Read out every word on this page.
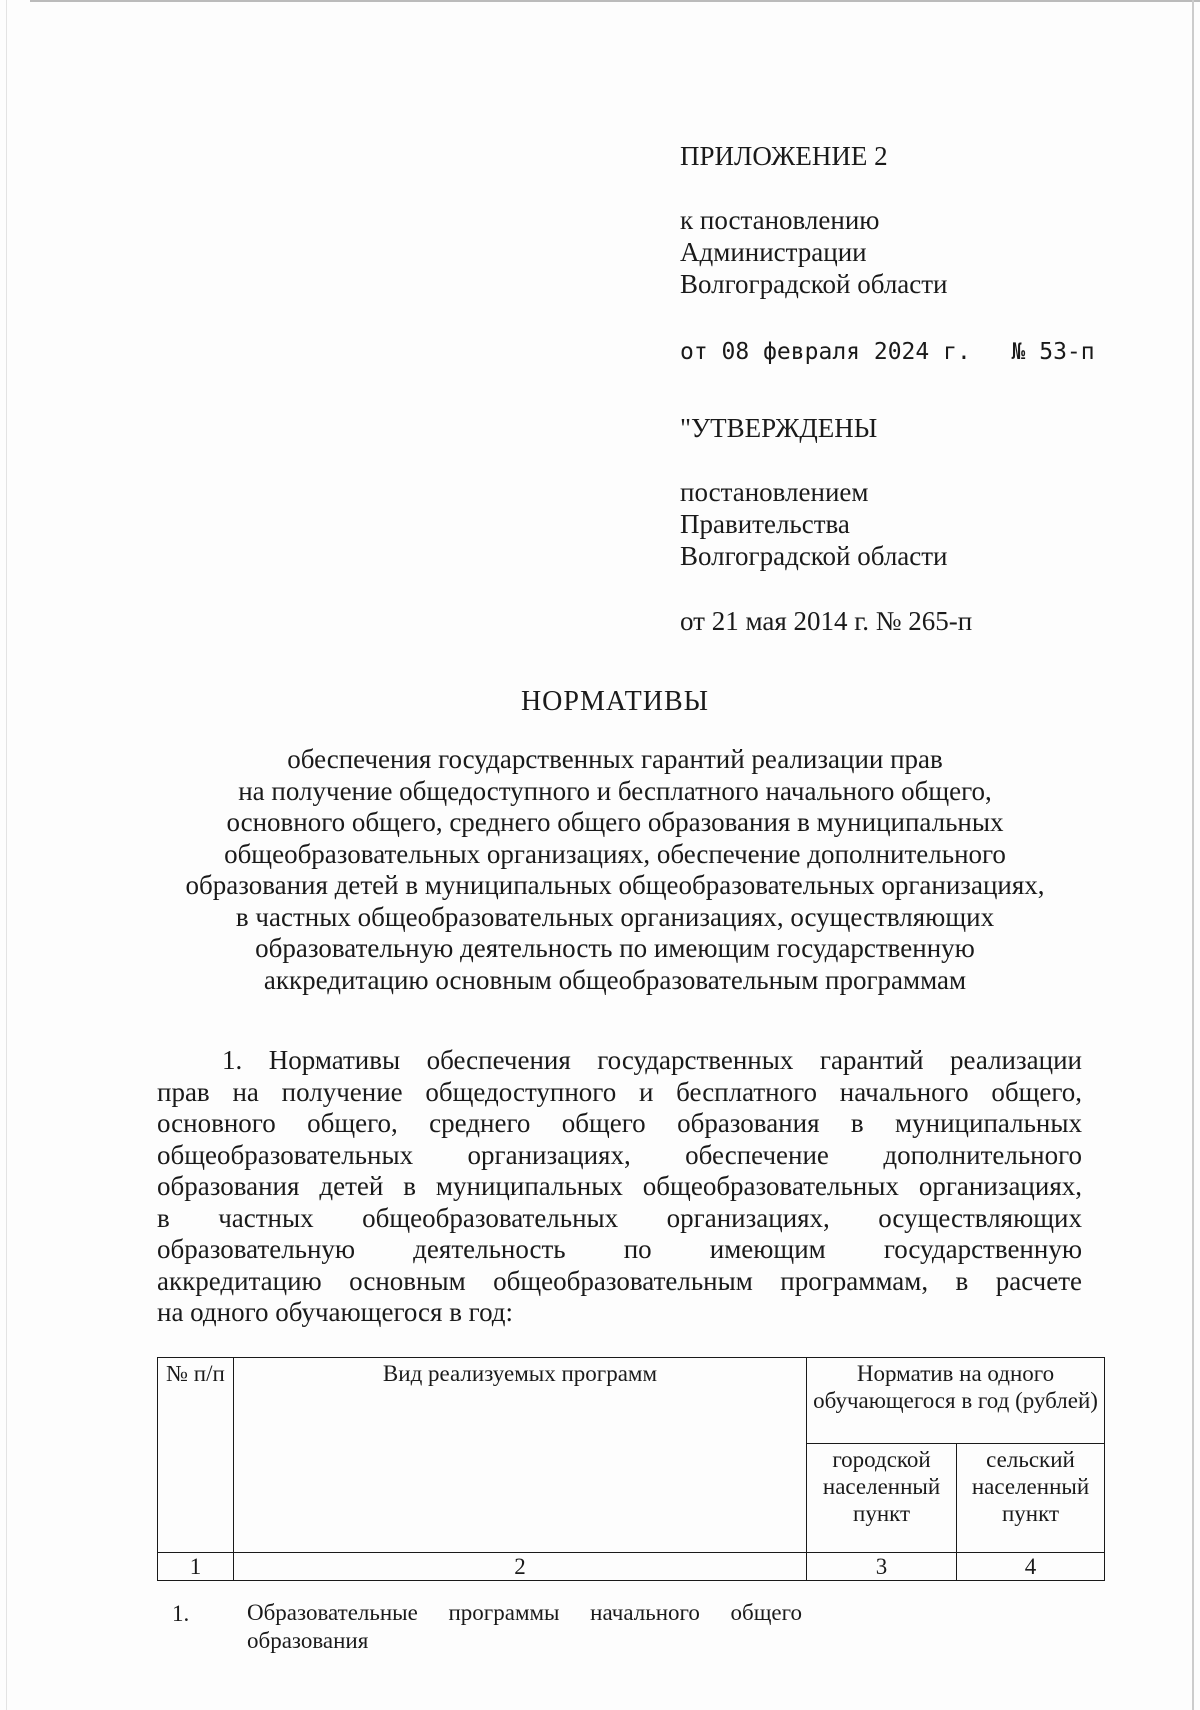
ПРИЛОЖЕНИЕ 2
к постановлению
Администрации
Волгоградской области
от 08 февраля 2024 г. № 53-п
"УТВЕРЖДЕНЫ
постановлением
Правительства
Волгоградской области
от 21 мая 2014 г. № 265-п
НОРМАТИВЫ
обеспечения государственных гарантий реализации прав
на получение общедоступного и бесплатного начального общего,
основного общего, среднего общего образования в муниципальных
общеобразовательных организациях, обеспечение дополнительного
образования детей в муниципальных общеобразовательных организациях,
в частных общеобразовательных организациях, осуществляющих
образовательную деятельность по имеющим государственную
аккредитацию основным общеобразовательным программам
1. Нормативы обеспечения государственных гарантий реализации
прав на получение общедоступного и бесплатного начального общего,
основного общего, среднего общего образования в муниципальных
общеобразовательных организациях, обеспечение дополнительного
образования детей в муниципальных общеобразовательных организациях,
в частных общеобразовательных организациях, осуществляющих
образовательную деятельность по имеющим государственную
аккредитацию основным общеобразовательным программам, в расчете
на одного обучающегося в год:
№ п/п	Вид реализуемых программ	Норматив на одного обучающегося в год (рублей)	
		городской населенный пункт	сельский населенный пункт
1	2	3	4
1.	Образовательные программы начального общего
образования
